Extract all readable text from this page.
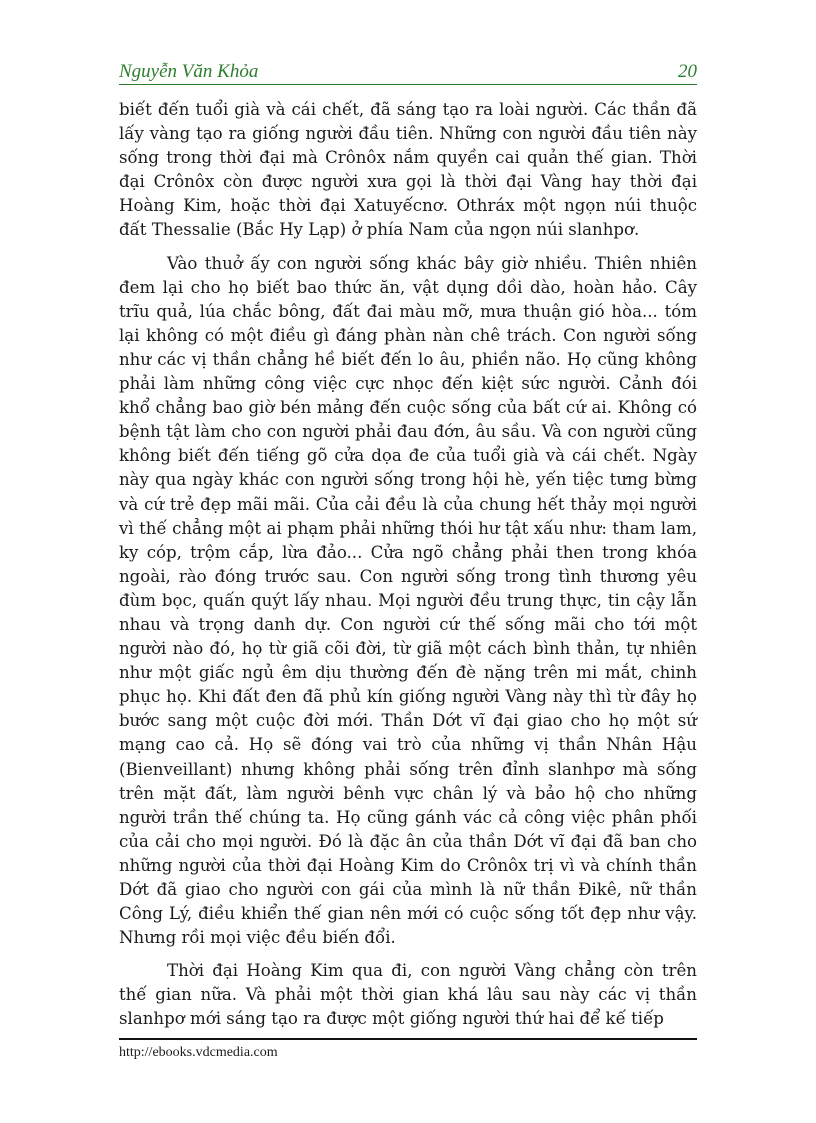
Nguyễn Văn Khỏa	20

biết đến tuổi già và cái chết, đã sáng tạo ra loài người. Các thần đã lấy vàng tạo ra giống người đầu tiên. Những con người đầu tiên này sống trong thời đại mà Crônôx nắm quyền cai quản thế gian. Thời đại Crônôx còn được người xưa gọi là thời đại Vàng hay thời đại Hoàng Kim, hoặc thời đại Xatuyếcnơ. Othráx một ngọn núi thuộc đất Thessalie (Bắc Hy Lạp) ở phía Nam của ngọn núi slanhpơ.

Vào thuở ấy con người sống khác bây giờ nhiều. Thiên nhiên đem lại cho họ biết bao thức ăn, vật dụng dồi dào, hoàn hảo. Cây trĩu quả, lúa chắc bông, đất đai màu mỡ, mưa thuận gió hòa... tóm lại không có một điều gì đáng phàn nàn chê trách. Con người sống như các vị thần chẳng hề biết đến lo âu, phiền não. Họ cũng không phải làm những công việc cực nhọc đến kiệt sức người. Cảnh đói khổ chẳng bao giờ bén mảng đến cuộc sống của bất cứ ai. Không có bệnh tật làm cho con người phải đau đớn, âu sầu. Và con người cũng không biết đến tiếng gõ cửa dọa đe của tuổi già và cái chết. Ngày này qua ngày khác con người sống trong hội hè, yến tiệc tưng bừng và cứ trẻ đẹp mãi mãi. Của cải đều là của chung hết thảy mọi người vì thế chẳng một ai phạm phải những thói hư tật xấu như: tham lam, ky cóp, trộm cắp, lừa đảo... Cửa ngõ chẳng phải then trong khóa ngoài, rào đóng trước sau. Con người sống trong tình thương yêu đùm bọc, quấn quýt lấy nhau. Mọi người đều trung thực, tin cậy lẫn nhau và trọng danh dự. Con người cứ thế sống mãi cho tới một người nào đó, họ từ giã cõi đời, từ giã một cách bình thản, tự nhiên như một giấc ngủ êm dịu thường đến đè nặng trên mi mắt, chinh phục họ. Khi đất đen đã phủ kín giống người Vàng này thì từ đây họ bước sang một cuộc đời mới. Thần Dớt vĩ đại giao cho họ một sứ mạng cao cả. Họ sẽ đóng vai trò của những vị thần Nhân Hậu (Bienveillant) nhưng không phải sống trên đỉnh slanhpơ mà sống trên mặt đất, làm người bênh vực chân lý và bảo hộ cho những người trần thế chúng ta. Họ cũng gánh vác cả công việc phân phối của cải cho mọi người. Đó là đặc ân của thần Dớt vĩ đại đã ban cho những người của thời đại Hoàng Kim do Crônôx trị vì và chính thần Dớt đã giao cho người con gái của mình là nữ thần Đikê, nữ thần Công Lý, điều khiển thế gian nên mới có cuộc sống tốt đẹp như vậy. Nhưng rồi mọi việc đều biến đổi.

Thời đại Hoàng Kim qua đi, con người Vàng chẳng còn trên thế gian nữa. Và phải một thời gian khá lâu sau này các vị thần slanhpơ mới sáng tạo ra được một giống người thứ hai để kế tiếp

http://ebooks.vdcmedia.com
